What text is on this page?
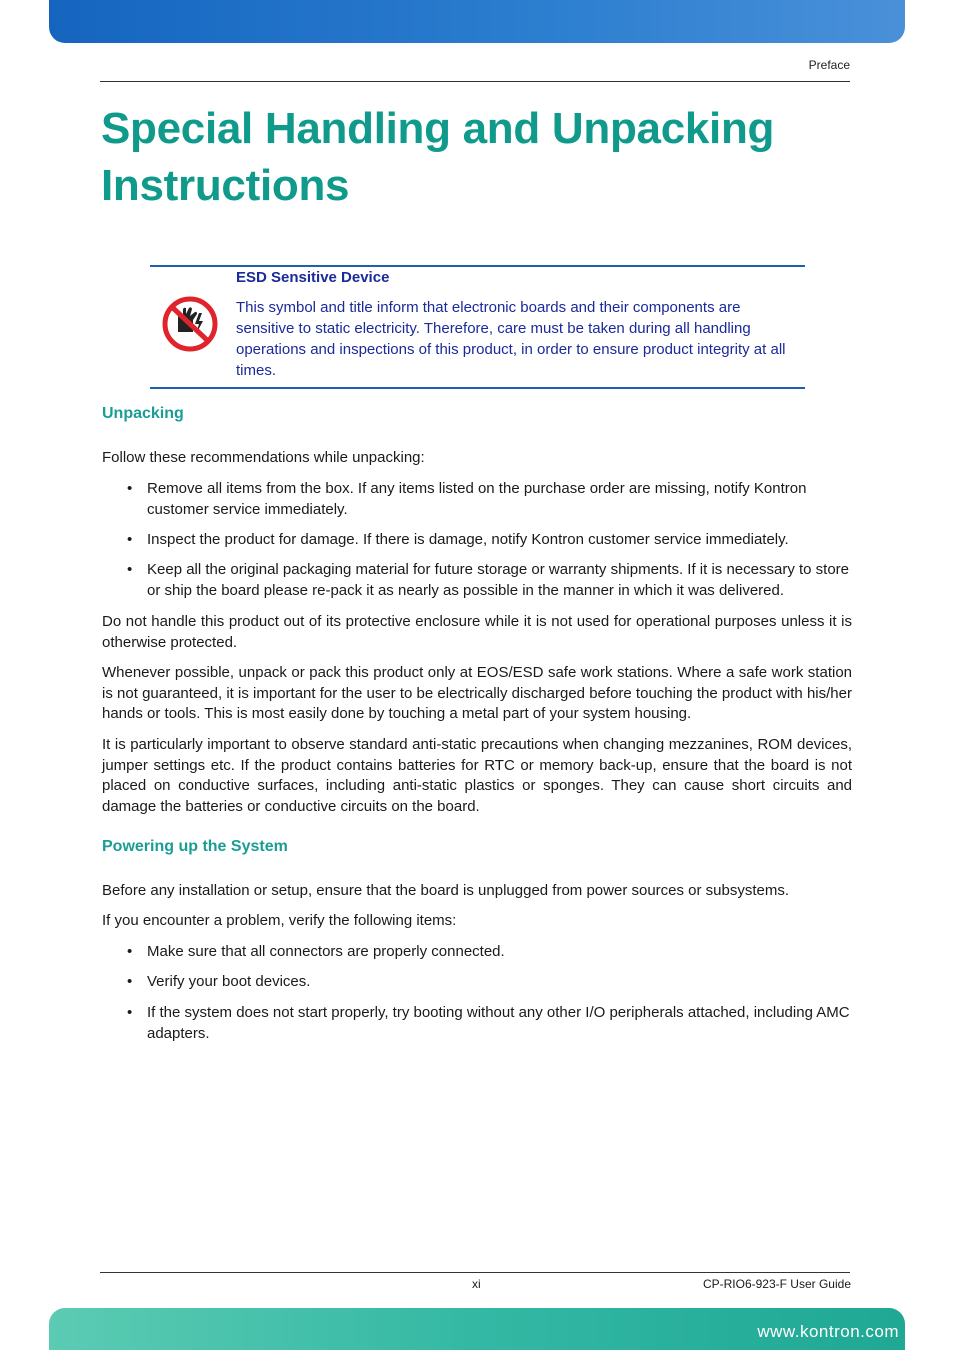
Preface
Special Handling and Unpacking Instructions
ESD Sensitive Device
This symbol and title inform that electronic boards and their components are sensitive to static electricity. Therefore, care must be taken during all handling operations and inspections of this product, in order to ensure product integrity at all times.
Unpacking

Follow these recommendations while unpacking:

• Remove all items from the box. If any items listed on the purchase order are missing, notify Kontron customer service immediately.
• Inspect the product for damage. If there is damage, notify Kontron customer service immediately.
• Keep all the original packaging material for future storage or warranty shipments. If it is necessary to store or ship the board please re-pack it as nearly as possible in the manner in which it was delivered.

Do not handle this product out of its protective enclosure while it is not used for operational purposes unless it is otherwise protected.

Whenever possible, unpack or pack this product only at EOS/ESD safe work stations. Where a safe work station is not guaranteed, it is important for the user to be electrically discharged before touching the product with his/her hands or tools. This is most easily done by touching a metal part of your system housing.

It is particularly important to observe standard anti-static precautions when changing mezzanines, ROM devices, jumper settings etc. If the product contains batteries for RTC or memory back-up, ensure that the board is not placed on conductive surfaces, including anti-static plastics or sponges. They can cause short circuits and damage the batteries or conductive circuits on the board.

Powering up the System

Before any installation or setup, ensure that the board is unplugged from power sources or subsystems.

If you encounter a problem, verify the following items:

• Make sure that all connectors are properly connected.
• Verify your boot devices.
• If the system does not start properly, try booting without any other I/O peripherals attached, including AMC adapters.
xi	CP-RIO6-923-F User Guide
www.kontron.com
